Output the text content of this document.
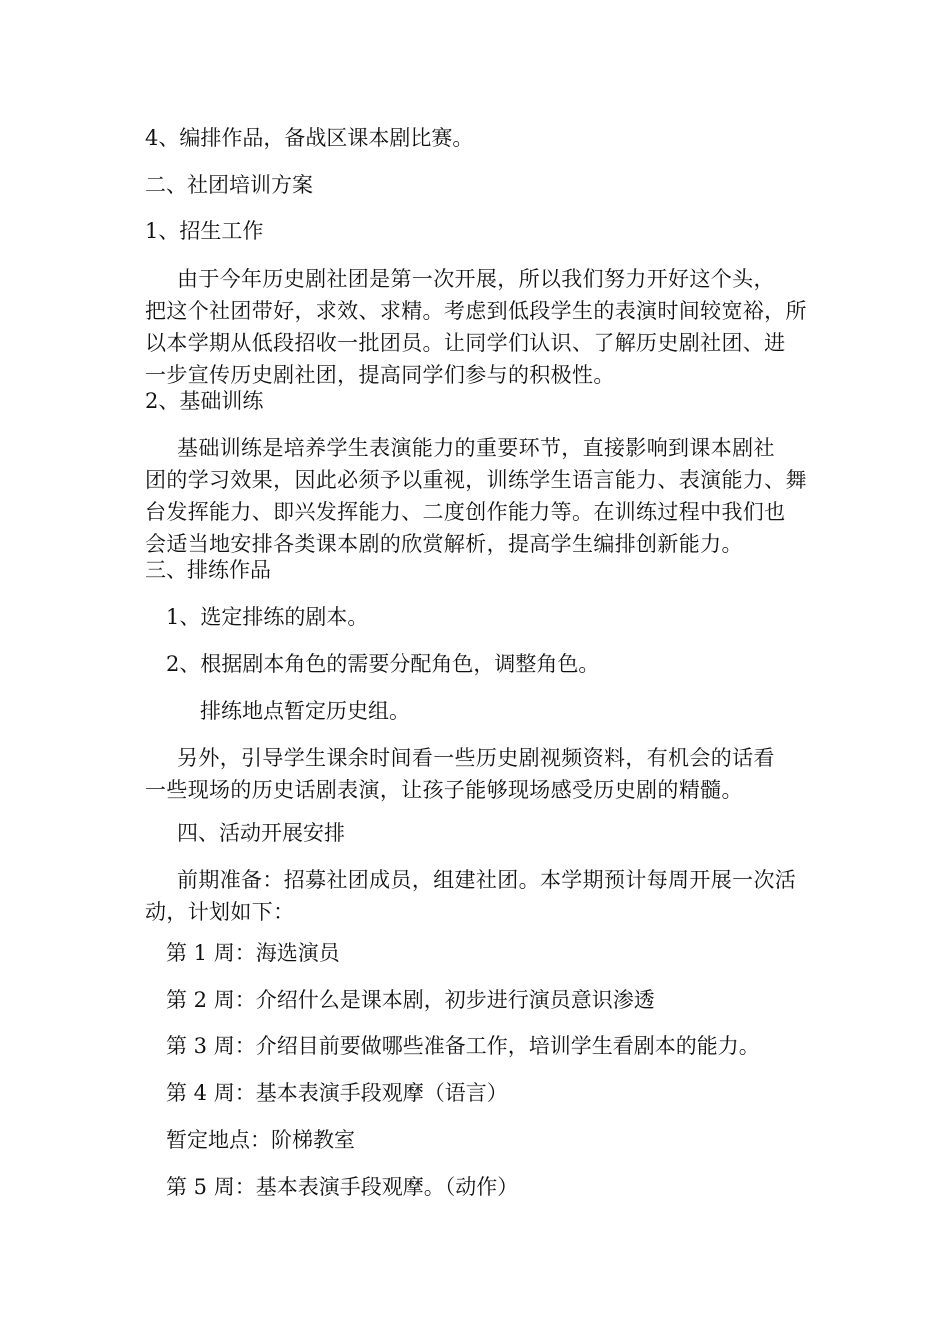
4、编排作品，备战区课本剧比赛。
二、社团培训方案
1、招生工作
由于今年历史剧社团是第一次开展，所以我们努力开好这个头，
把这个社团带好，求效、求精。考虑到低段学生的表演时间较宽裕，所
以本学期从低段招收一批团员。让同学们认识、了解历史剧社团、进
一步宣传历史剧社团，提高同学们参与的积极性。
2、基础训练
基础训练是培养学生表演能力的重要环节，直接影响到课本剧社
团的学习效果，因此必须予以重视，训练学生语言能力、表演能力、舞
台发挥能力、即兴发挥能力、二度创作能力等。在训练过程中我们也
会适当地安排各类课本剧的欣赏解析，提高学生编排创新能力。
三、排练作品
1、选定排练的剧本。
2、根据剧本角色的需要分配角色，调整角色。
排练地点暂定历史组。
另外，引导学生课余时间看一些历史剧视频资料，有机会的话看
一些现场的历史话剧表演，让孩子能够现场感受历史剧的精髓。
四、活动开展安排
前期准备：招募社团成员，组建社团。本学期预计每周开展一次活
动，计划如下：
第 1 周：海选演员
第 2 周：介绍什么是课本剧，初步进行演员意识渗透
第 3 周：介绍目前要做哪些准备工作，培训学生看剧本的能力。
第 4 周：基本表演手段观摩（语言）
暂定地点：阶梯教室
第 5 周：基本表演手段观摩。（动作）
